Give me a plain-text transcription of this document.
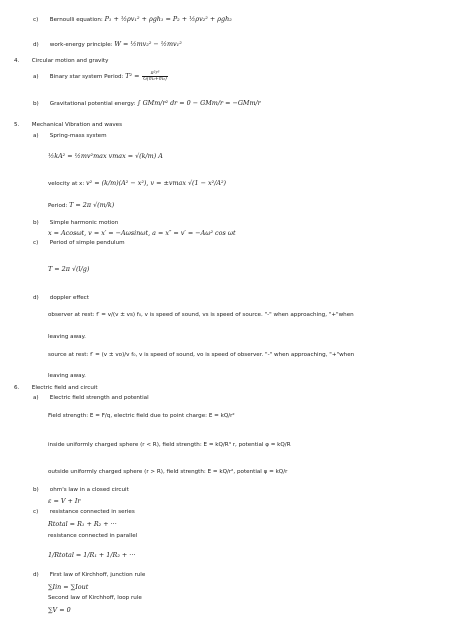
c) Bernoulli equation: P₁ + ½ρv₁² + ρgh₁ = P₂ + ½ρv₂² + ρgh₂
d) work-energy principle: W = ½mv₂² − ½mv₁²
4. Circular motion and gravity
a) Binary star system Period: $T^2 = \frac{\text{π²r³}}{\text{G(m₁+m₂)}}$
b) Gravitational potential energy: ∫ GMm/r² dr = 0 − GMm/r = −GMm/r
5. Mechanical Vibration and waves
a) Spring-mass system
½kA² = ½mv²max vmax = √(k/m) A
velocity at x: v² = (k/m)(A² − x²), v = ±vmax √(1 − x²/A²)
Period: T = 2π √(m/k)
b) Simple harmonic motion
x = Acosωt, v = x′ = −Aωsinωt, a = x″ = v′ = −Aω² cos ωt
c) Period of simple pendulum
T = 2π √(l/g)
d) doppler effect
observer at rest: f′ = v/(v ± vs) f₀, v is speed of sound, vs is speed of source. "-" when approaching, "+"when
leaving away.
source at rest: f′ = (v ± vo)/v f₀, v is speed of sound, vo is speed of observer. "-" when approaching, "+"when
leaving away.
6. Electric field and circuit
a) Electric field strength and potential
Field strength: E = F/q, electric field due to point charge: E = kQ/r²
inside uniformly charged sphere (r < R), field strength: E = kQ/R³ r, potential φ = kQ/R
outside uniformly charged sphere (r > R), field strength: E = kQ/r², potential φ = kQ/r
b) ohm's law in a closed circuit
ε = V + Ir
c) resistance connected in series
Rtotal = R₁ + R₂ + ···
resistance connected in parallel
1/Rtotal = 1/R₁ + 1/R₂ + ···
d) First law of Kirchhoff, junction rule
∑Iin = ∑Iout
Second law of Kirchhoff, loop rule
∑V = 0
